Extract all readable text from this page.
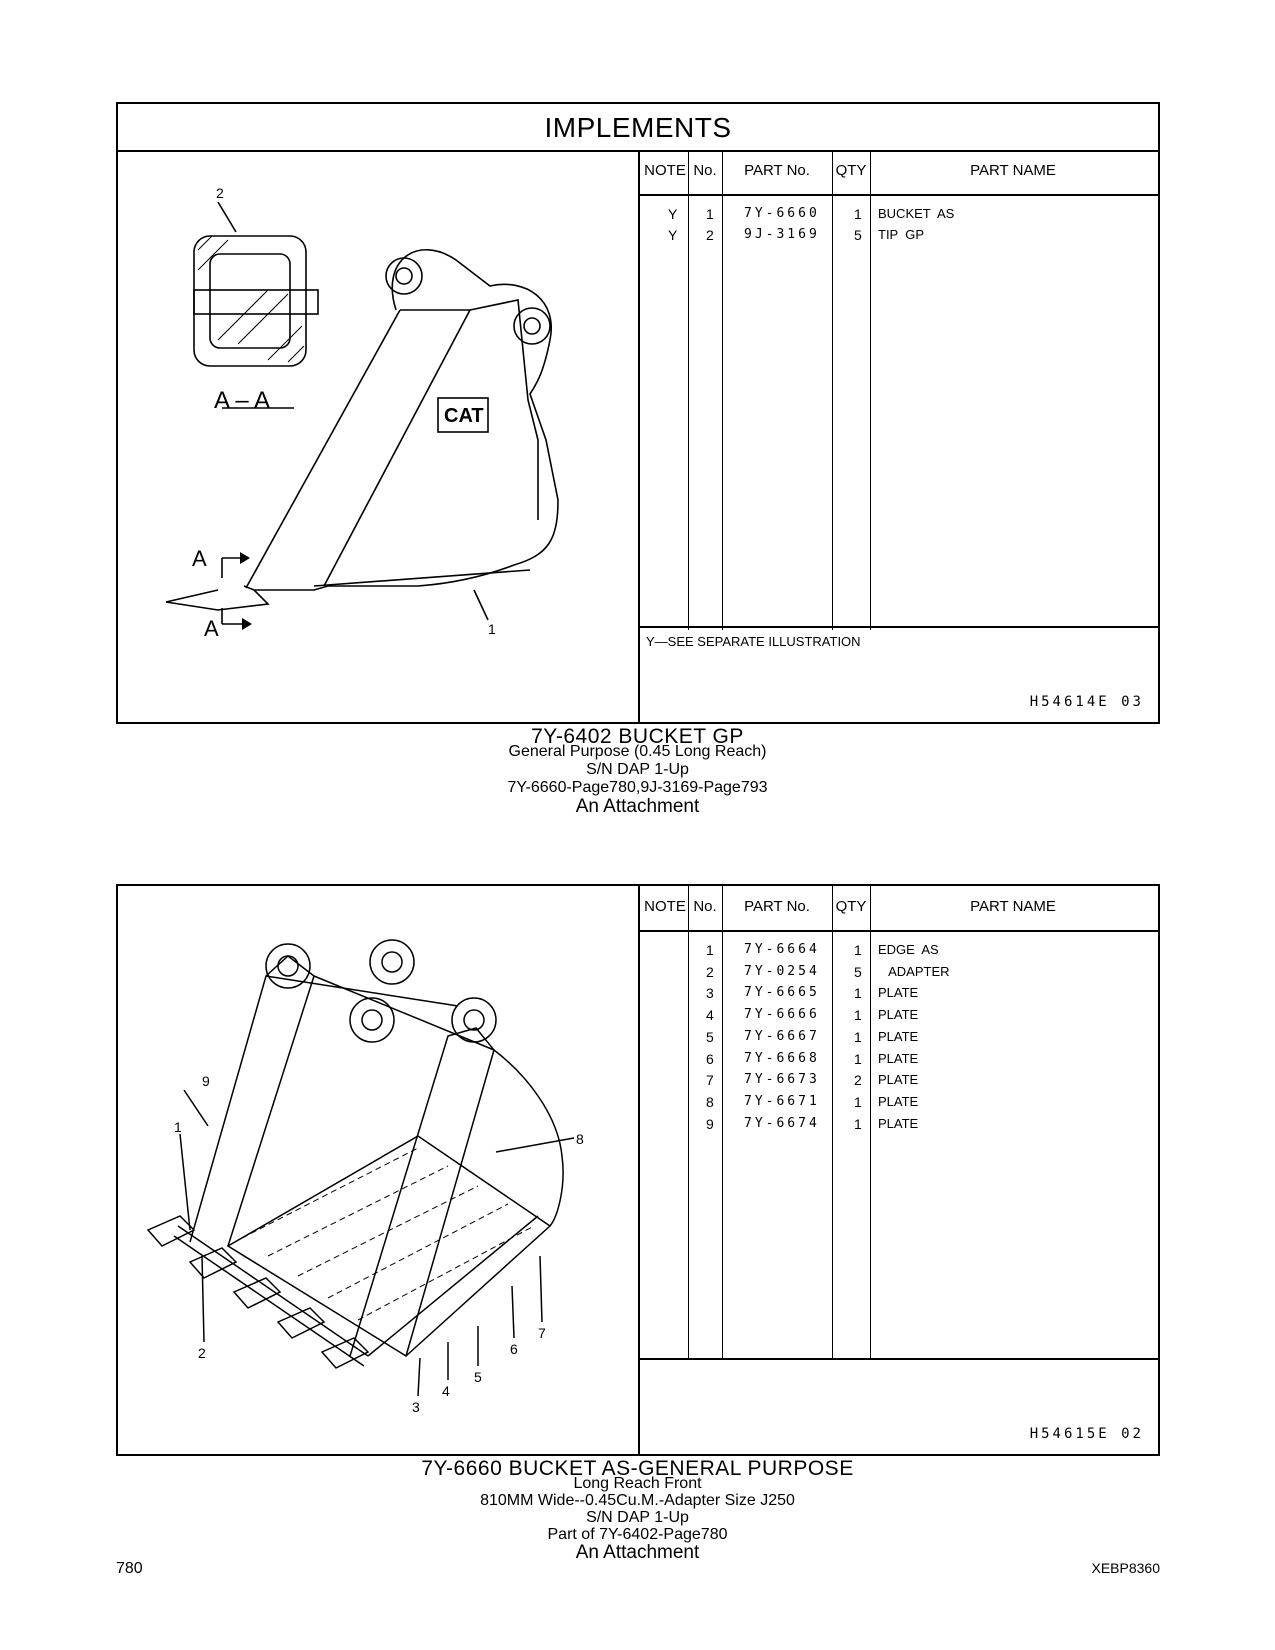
IMPLEMENTS
2
A – A
A
A	1
CAT
NOTE No.	PART No.	QTY	PART NAME
Y 1 7Y-6660 1 BUCKET  AS
Y 2 9J-3169 5 TIP  GP
Y—SEE SEPARATE ILLUSTRATION
H54614E 03
7Y-6402 BUCKET GP
General Purpose (0.45 Long Reach)
S/N DAP 1-Up
7Y-6660-Page780,9J-3169-Page793
An Attachment
9
1
8
2
3
4
5
6
7
NOTE No.	PART No.	QTY	PART NAME
1 7Y-6664 1 EDGE  AS
2 7Y-0254 5 ADAPTER
3 7Y-6665 1 PLATE
4 7Y-6666 1 PLATE
5 7Y-6667 1 PLATE
6 7Y-6668 1 PLATE
7 7Y-6673 2 PLATE
8 7Y-6671 1 PLATE
9 7Y-6674 1 PLATE
H54615E 02
7Y-6660 BUCKET AS-GENERAL PURPOSE
Long Reach Front
810MM Wide--0.45Cu.M.-Adapter Size J250
S/N DAP 1-Up
Part of 7Y-6402-Page780
An Attachment
780	XEBP8360
